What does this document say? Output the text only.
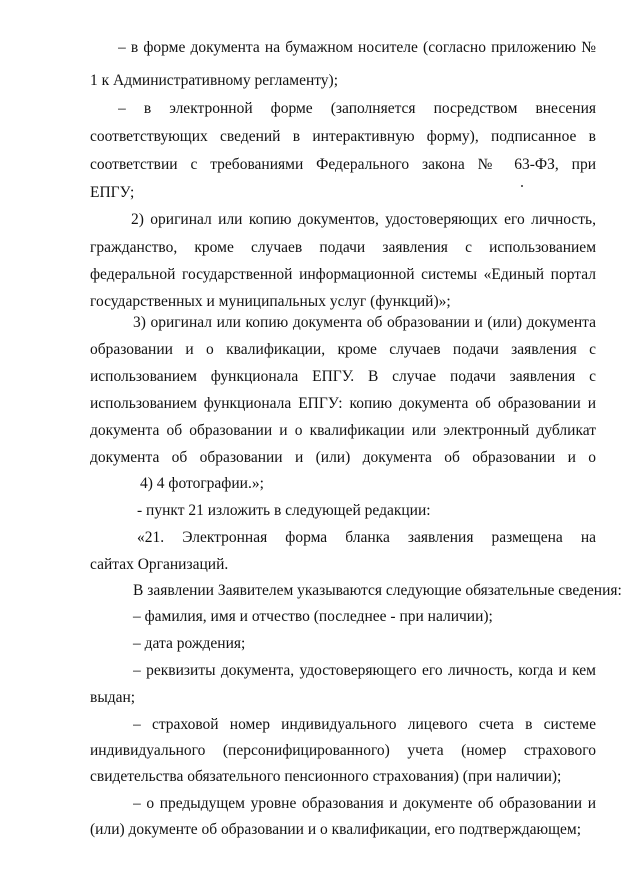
– в форме документа на бумажном носителе (согласно приложению №
1 к Административному регламенту);
– в электронной форме (заполняется посредством внесения
соответствующих сведений в интерактивную форму), подписанное в
соответствии с требованиями Федерального закона № 63-ФЗ, при
ЕПГУ;
2) оригинал или копию документов, удостоверяющих его личность,
гражданство, кроме случаев подачи заявления с использованием
федеральной государственной информационной системы «Единый портал
государственных и муниципальных услуг (функций)»;
3) оригинал или копию документа об образовании и (или) документа
образовании и о квалификации, кроме случаев подачи заявления с
использованием функционала ЕПГУ. В случае подачи заявления с
использованием функционала ЕПГУ: копию документа об образовании и
документа об образовании и о квалификации или электронный дубликат
документа об образовании и (или) документа об образовании и о
4) 4 фотографии.»;
- пункт 21 изложить в следующей редакции:
«21. Электронная форма бланка заявления размещена на
сайтах Организаций.
В заявлении Заявителем указываются следующие обязательные сведения:
– фамилия, имя и отчество (последнее - при наличии);
– дата рождения;
– реквизиты документа, удостоверяющего его личность, когда и кем
выдан;
– страховой номер индивидуального лицевого счета в системе
индивидуального (персонифицированного) учета (номер страхового
свидетельства обязательного пенсионного страхования) (при наличии);
– о предыдущем уровне образования и документе об образовании и
(или) документе об образовании и о квалификации, его подтверждающем;
